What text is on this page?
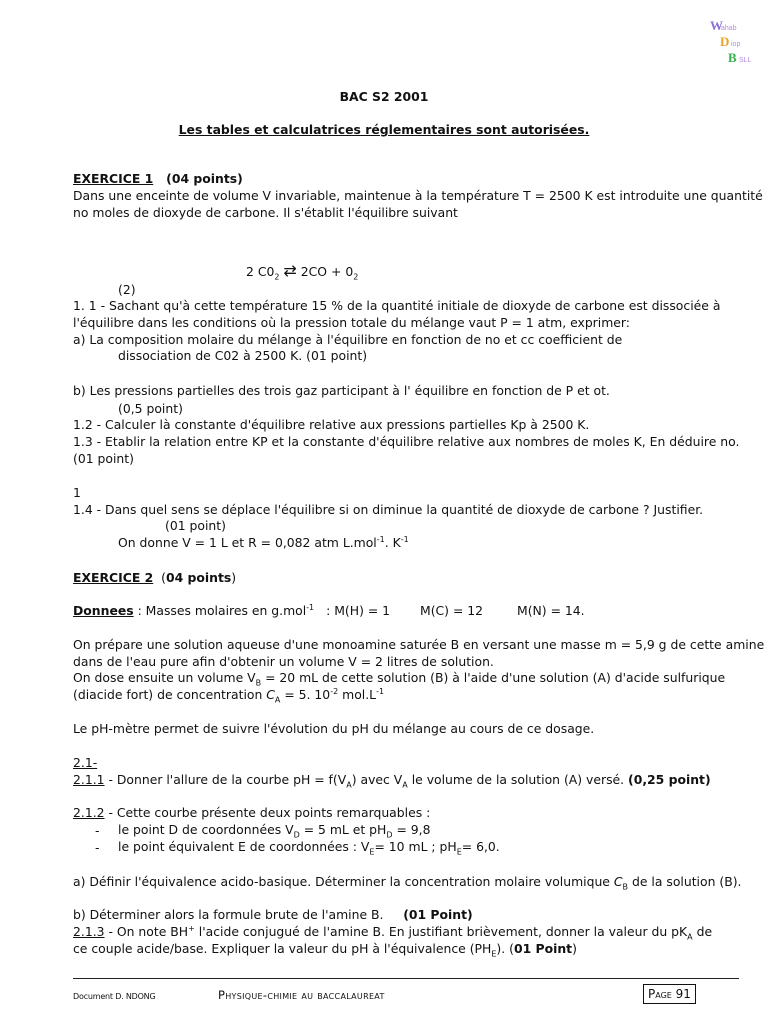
W
ahab
D iop
B SLL
BAC S2 2001
Les tables et calculatrices réglementaires sont autorisées.
EXERCICE 1 (04 points)
Dans une enceinte de volume V invariable, maintenue à la température T = 2500 K est introduite une quantité
no moles de dioxyde de carbone. Il s'établit l'équilibre suivant
2 $C0_2$ ⇄ $2CO + 0_2$
(2)
1. 1 - Sachant qu'à cette température 15 % de la quantité initiale de dioxyde de carbone est dissociée à
l'équilibre dans les conditions où la pression totale du mélange vaut P = 1 atm, exprimer:
a) La composition molaire du mélange à l'équilibre en fonction de no et cc coefficient de
dissociation de C02 à 2500 K. (01 point)
b) Les pressions partielles des trois gaz participant à l' équilibre en fonction de P et ot.
(0,5 point)
1.2 - Calculer là constante d'équilibre relative aux pressions partielles Kp à 2500 K.
1.3 - Etablir la relation entre KP et la constante d'équilibre relative aux nombres de moles K, En déduire no.
(01 point)
1
1.4 - Dans quel sens se déplace l'équilibre si on diminue la quantité de dioxyde de carbone ? Justifier.
(01 point)
On donne V = 1 L et R = 0,082 atm L.mol$^{-1}$. $K^{-1}$
EXERCICE 2 (04 points)
Donnees : Masses molaires en g.mol$^{-1}$ : M(H) = 1 M(C) = 12	M(N) = 14.
On prépare une solution aqueuse d'une monoamine saturée B en versant une masse m = 5,9 g de cette amine
dans de l'eau pure afin d'obtenir un volume V = 2 litres de solution.
On dose ensuite un volume $V_B = 20$ mL de cette solution (B) à l'aide d'une solution (A) d'acide sulfurique
(diacide fort) de concentration $C_A = 5$. $10^{-2}$ $mol.L^{-1}$
Le pH-mètre permet de suivre l'évolution du pH du mélange au cours de ce dosage.
2.1-
2.1.1 - Donner l'allure de la courbe pH = $f(V_A)$ avec $V_A$ le volume de la solution (A) versé. (0,25 point)
2.1.2 - Cette courbe présente deux points remarquables :
- le point D de coordonnées $V_D = 5$ mL et $pH_D = 9,8$
- le point équivalent E de coordonnées : $V_E= 10$ mL ; $pH_E= 6,0$.
a) Définir l'équivalence acido-basique. Déterminer la concentration molaire volumique $C_B$ de la solution (B).
b) Déterminer alors la formule brute de l'amine B. (01 Point)
2.1.3 - On note BH+ l'acide conjugué de l'amine B. En justifiant brièvement, donner la valeur du $pK_A$ de
ce couple acide/base. Expliquer la valeur du pH à l'équivalence $(PH_E)$. (01 Point)
Document D. NDONG	Physique-chimie au baccalaureat	Page 91
